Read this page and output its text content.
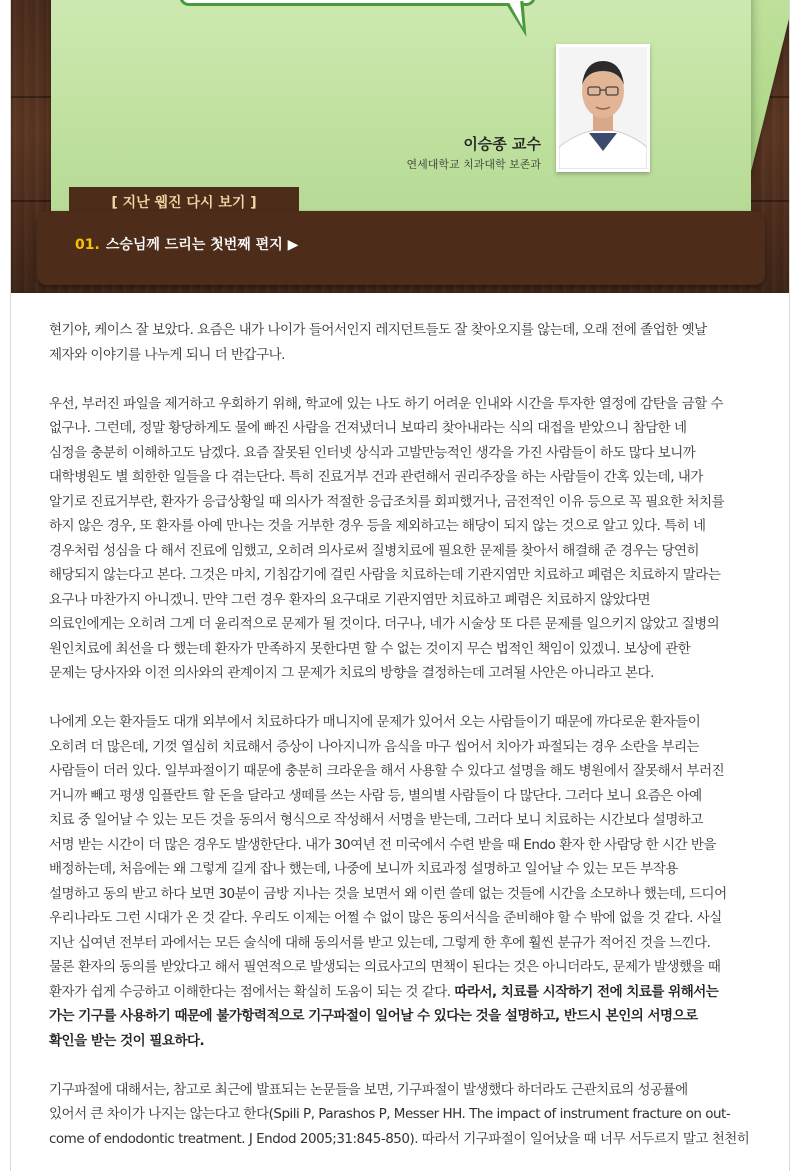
이승종 교수
연세대학교 치과대학 보존과
[ 지난 웹진 다시 보기 ]
01. 스승님께 드리는 첫번째 편지 ▶

현기야, 케이스 잘 보았다. 요즘은 내가 나이가 들어서인지 레지던트들도 잘 찾아오지를 않는데, 오래 전에 졸업한 옛날
제자와 이야기를 나누게 되니 더 반갑구나.

우선, 부러진 파일을 제거하고 우회하기 위해, 학교에 있는 나도 하기 어려운 인내와 시간을 투자한 열정에 감탄을 금할 수
없구나. 그런데, 정말 황당하게도 물에 빠진 사람을 건져냈더니 보따리 찾아내라는 식의 대접을 받았으니 참담한 네
심정을 충분히 이해하고도 남겠다. 요즘 잘못된 인터넷 상식과 고발만능적인 생각을 가진 사람들이 하도 많다 보니까
대학병원도 별 희한한 일들을 다 겪는단다. 특히 진료거부 건과 관련해서 권리주장을 하는 사람들이 간혹 있는데, 내가
알기로 진료거부란, 환자가 응급상황일 때 의사가 적절한 응급조치를 회피했거나, 금전적인 이유 등으로 꼭 필요한 처치를
하지 않은 경우, 또 환자를 아예 만나는 것을 거부한 경우 등을 제외하고는 해당이 되지 않는 것으로 알고 있다. 특히 네
경우처럼 성심을 다 해서 진료에 임했고, 오히려 의사로써 질병치료에 필요한 문제를 찾아서 해결해 준 경우는 당연히
해당되지 않는다고 본다. 그것은 마치, 기침감기에 걸린 사람을 치료하는데 기관지염만 치료하고 폐렴은 치료하지 말라는
요구나 마찬가지 아니겠니. 만약 그런 경우 환자의 요구대로 기관지염만 치료하고 폐렴은 치료하지 않았다면
의료인에게는 오히려 그게 더 윤리적으로 문제가 될 것이다. 더구나, 네가 시술상 또 다른 문제를 일으키지 않았고 질병의
원인치료에 최선을 다 했는데 환자가 만족하지 못한다면 할 수 없는 것이지 무슨 법적인 책임이 있겠니. 보상에 관한
문제는 당사자와 이전 의사와의 관계이지 그 문제가 치료의 방향을 결정하는데 고려될 사안은 아니라고 본다.

나에게 오는 환자들도 대개 외부에서 치료하다가 매니지에 문제가 있어서 오는 사람들이기 때문에 까다로운 환자들이
오히려 더 많은데, 기껏 열심히 치료해서 증상이 나아지니까 음식을 마구 씹어서 치아가 파절되는 경우 소란을 부리는
사람들이 더러 있다. 일부파절이기 때문에 충분히 크라운을 해서 사용할 수 있다고 설명을 해도 병원에서 잘못해서 부러진
거니까 빼고 평생 임플란트 할 돈을 달라고 생떼를 쓰는 사람 등, 별의별 사람들이 다 많단다. 그러다 보니 요즘은 아예
치료 중 일어날 수 있는 모든 것을 동의서 형식으로 작성해서 서명을 받는데, 그러다 보니 치료하는 시간보다 설명하고
서명 받는 시간이 더 많은 경우도 발생한단다. 내가 30여년 전 미국에서 수련 받을 때 Endo 환자 한 사람당 한 시간 반을
배정하는데, 처음에는 왜 그렇게 길게 잡나 했는데, 나중에 보니까 치료과정 설명하고 일어날 수 있는 모든 부작용
설명하고 동의 받고 하다 보면 30분이 금방 지나는 것을 보면서 왜 이런 쓸데 없는 것들에 시간을 소모하나 했는데, 드디어
우리나라도 그런 시대가 온 것 같다. 우리도 이제는 어쩔 수 없이 많은 동의서식을 준비해야 할 수 밖에 없을 것 같다. 사실
지난 십여년 전부터 과에서는 모든 술식에 대해 동의서를 받고 있는데, 그렇게 한 후에 훨씬 분규가 적어진 것을 느낀다.
물론 환자의 동의를 받았다고 해서 필연적으로 발생되는 의료사고의 면책이 된다는 것은 아니더라도, 문제가 발생했을 때
환자가 쉽게 수긍하고 이해한다는 점에서는 확실히 도움이 되는 것 같다. 따라서, 치료를 시작하기 전에 치료를 위해서는
가는 기구를 사용하기 때문에 불가항력적으로 기구파절이 일어날 수 있다는 것을 설명하고, 반드시 본인의 서명으로
확인을 받는 것이 필요하다.

기구파절에 대해서는, 참고로 최근에 발표되는 논문들을 보면, 기구파절이 발생했다 하더라도 근관치료의 성공률에
있어서 큰 차이가 나지는 않는다고 한다(Spili P, Parashos P, Messer HH. The impact of instrument fracture on out-
come of endodontic treatment. J Endod 2005;31:845-850). 따라서 기구파절이 일어났을 때 너무 서두르지 말고 천천히
